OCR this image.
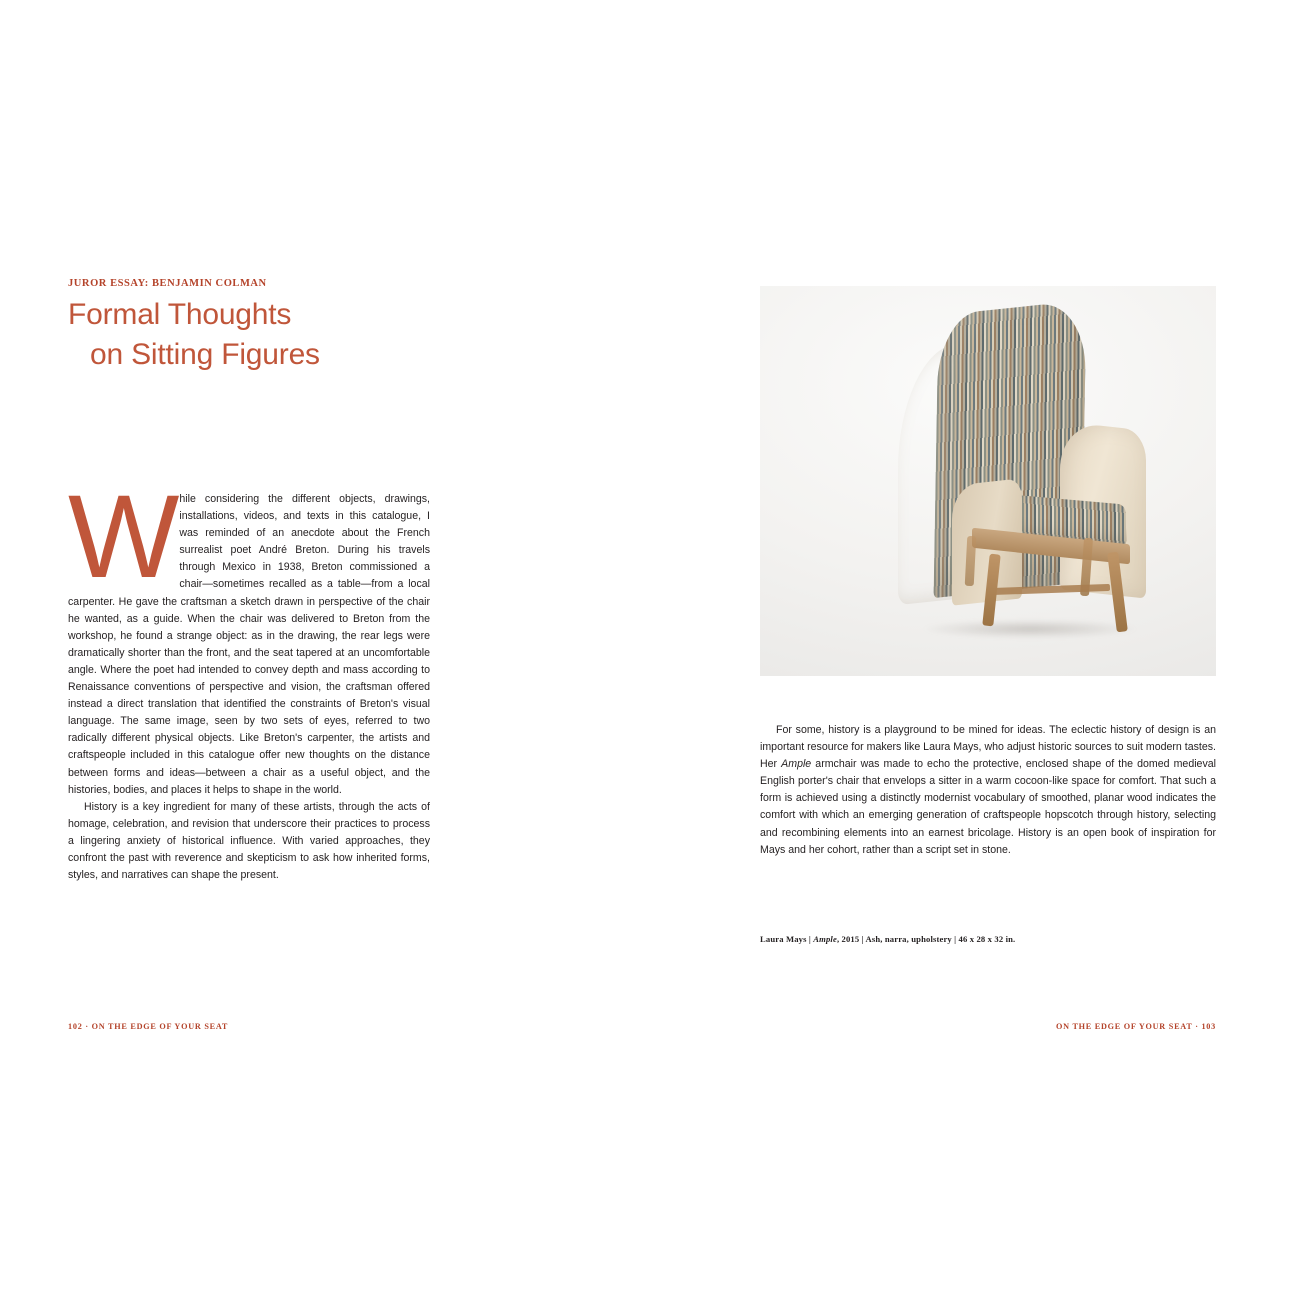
JUROR ESSAY: BENJAMIN COLMAN
Formal Thoughts
on Sitting Figures

While considering the different objects, drawings, installations, videos, and texts in this catalogue, I was reminded of an anecdote about the French surrealist poet André Breton. During his travels through Mexico in 1938, Breton commissioned a chair—sometimes recalled as a table—from a local carpenter. He gave the craftsman a sketch drawn in perspective of the chair he wanted, as a guide. When the chair was delivered to Breton from the workshop, he found a strange object: as in the drawing, the rear legs were dramatically shorter than the front, and the seat tapered at an uncomfortable angle. Where the poet had intended to convey depth and mass according to Renaissance conventions of perspective and vision, the craftsman offered instead a direct translation that identified the constraints of Breton's visual language. The same image, seen by two sets of eyes, referred to two radically different physical objects. Like Breton's carpenter, the artists and craftspeople included in this catalogue offer new thoughts on the distance between forms and ideas—between a chair as a useful object, and the histories, bodies, and places it helps to shape in the world.

History is a key ingredient for many of these artists, through the acts of homage, celebration, and revision that underscore their practices to process a lingering anxiety of historical influence. With varied approaches, they confront the past with reverence and skepticism to ask how inherited forms, styles, and narratives can shape the present.

102 · ON THE EDGE OF YOUR SEAT

For some, history is a playground to be mined for ideas. The eclectic history of design is an important resource for makers like Laura Mays, who adjust historic sources to suit modern tastes. Her Ample armchair was made to echo the protective, enclosed shape of the domed medieval English porter's chair that envelops a sitter in a warm cocoon-like space for comfort. That such a form is achieved using a distinctly modernist vocabulary of smoothed, planar wood indicates the comfort with which an emerging generation of craftspeople hopscotch through history, selecting and recombining elements into an earnest bricolage. History is an open book of inspiration for Mays and her cohort, rather than a script set in stone.

Laura Mays | Ample, 2015 | Ash, narra, upholstery | 46 x 28 x 32 in.
ON THE EDGE OF YOUR SEAT · 103
